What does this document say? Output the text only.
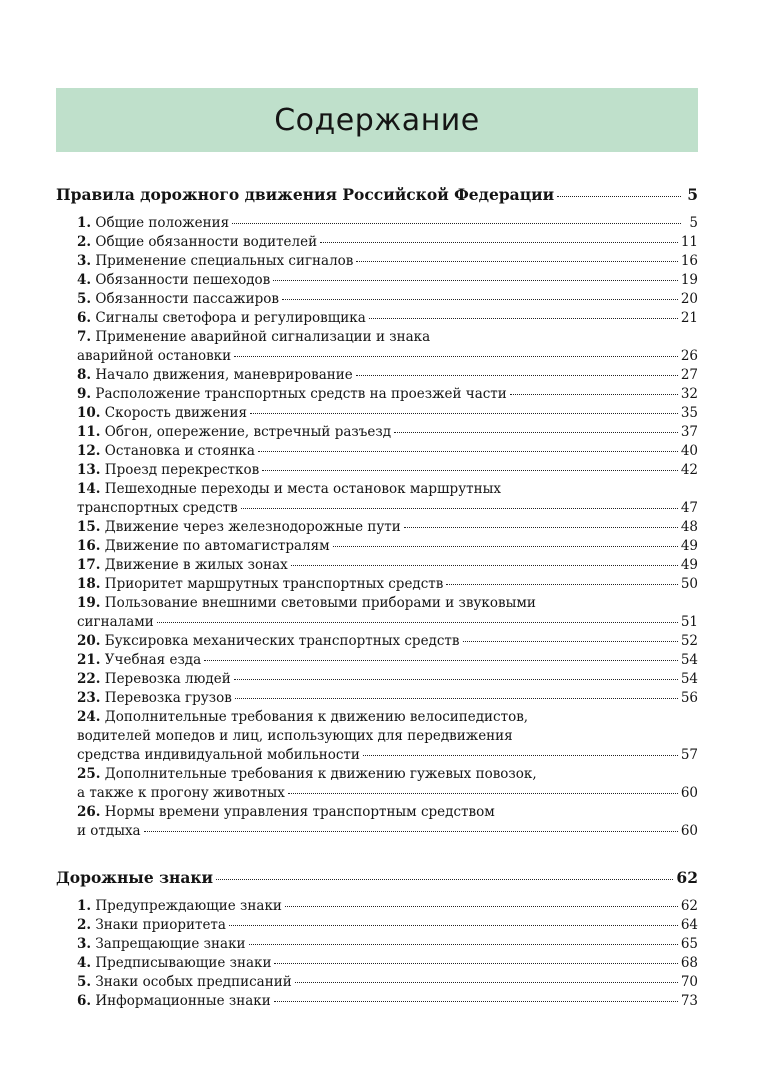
Содержание
Правила дорожного движения Российской Федерации	5
1. Общие положения	5
2. Общие обязанности водителей	11
3. Применение специальных сигналов	16
4. Обязанности пешеходов	19
5. Обязанности пассажиров	20
6. Сигналы светофора и регулировщика	21
7. Применение аварийной сигнализации и знака
аварийной остановки	26
8. Начало движения, маневрирование	27
9. Расположение транспортных средств на проезжей части	32
10. Скорость движения	35
11. Обгон, опережение, встречный разъезд	37
12. Остановка и стоянка	40
13. Проезд перекрестков	42
14. Пешеходные переходы и места остановок маршрутных
транспортных средств	47
15. Движение через железнодорожные пути	48
16. Движение по автомагистралям	49
17. Движение в жилых зонах	49
18. Приоритет маршрутных транспортных средств	50
19. Пользование внешними световыми приборами и звуковыми
сигналами	51
20. Буксировка механических транспортных средств	52
21. Учебная езда	54
22. Перевозка людей	54
23. Перевозка грузов	56
24. Дополнительные требования к движению велосипедистов,
водителей мопедов и лиц, использующих для передвижения
средства индивидуальной мобильности	57
25. Дополнительные требования к движению гужевых повозок,
а также к прогону животных	60
26. Нормы времени управления транспортным средством
и отдыха	60
Дорожные знаки	62
1. Предупреждающие знаки	62
2. Знаки приоритета	64
3. Запрещающие знаки	65
4. Предписывающие знаки	68
5. Знаки особых предписаний	70
6. Информационные знаки	73
